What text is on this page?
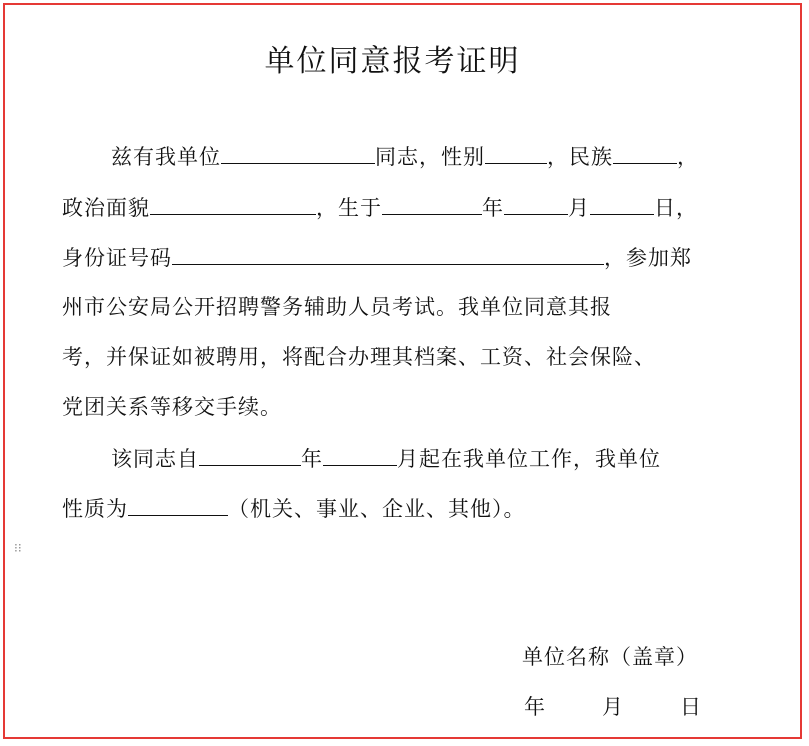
单位同意报考证明
兹有我单位	同志，性别	，民族	，
政治面貌	，生于	年	月	日，
身份证号码	，参加郑
州市公安局公开招聘警务辅助人员考试。我单位同意其报
考，并保证如被聘用，将配合办理其档案、工资、社会保险、
党团关系等移交手续。
该同志自	年	月起在我单位工作，我单位
性质为	（机关、事业、企业、其他）。
⁝⁝
单位名称（盖章）
年	月	日
